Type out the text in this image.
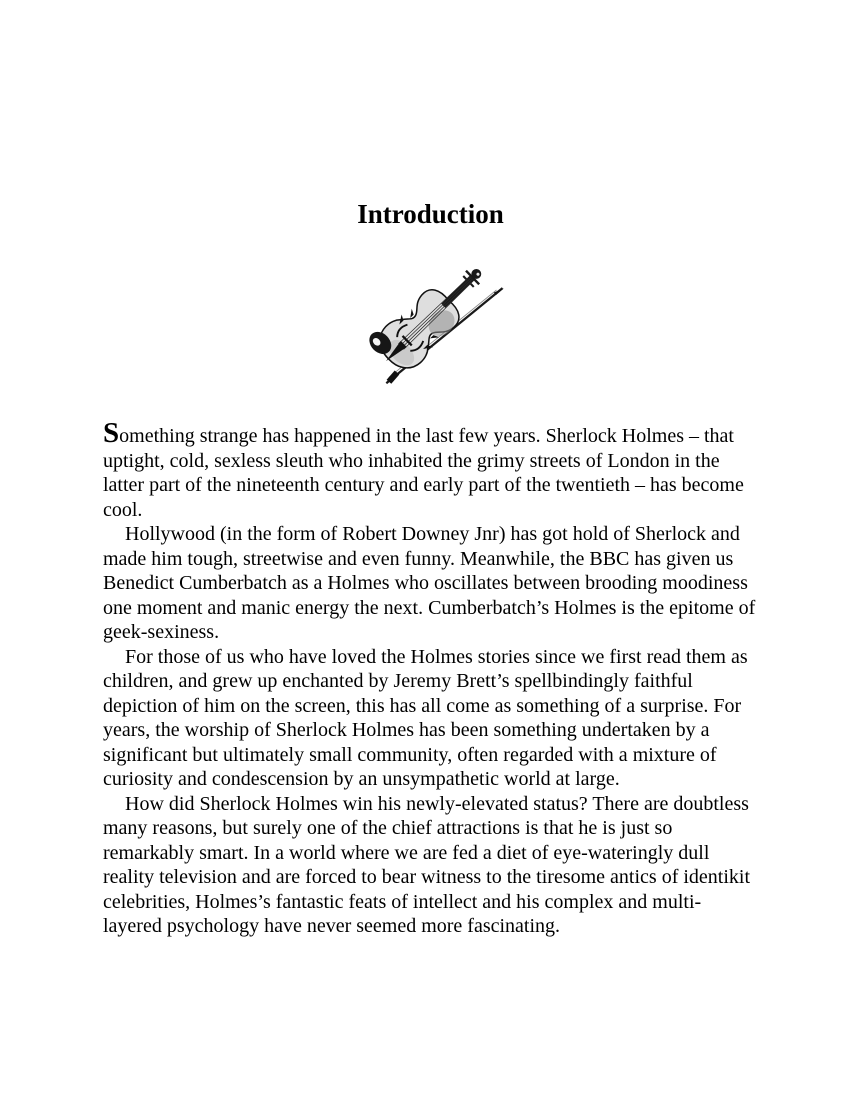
Introduction

Something strange has happened in the last few years. Sherlock Holmes – that uptight, cold, sexless sleuth who inhabited the grimy streets of London in the latter part of the nineteenth century and early part of the twentieth – has become cool.

Hollywood (in the form of Robert Downey Jnr) has got hold of Sherlock and made him tough, streetwise and even funny. Meanwhile, the BBC has given us Benedict Cumberbatch as a Holmes who oscillates between brooding moodiness one moment and manic energy the next. Cumberbatch’s Holmes is the epitome of geek-sexiness.

For those of us who have loved the Holmes stories since we first read them as children, and grew up enchanted by Jeremy Brett’s spellbindingly faithful depiction of him on the screen, this has all come as something of a surprise. For years, the worship of Sherlock Holmes has been something undertaken by a significant but ultimately small community, often regarded with a mixture of curiosity and condescension by an unsympathetic world at large.

How did Sherlock Holmes win his newly-elevated status? There are doubtless many reasons, but surely one of the chief attractions is that he is just so remarkably smart. In a world where we are fed a diet of eye-wateringly dull reality television and are forced to bear witness to the tiresome antics of identikit celebrities, Holmes’s fantastic feats of intellect and his complex and multi-layered psychology have never seemed more fascinating.
